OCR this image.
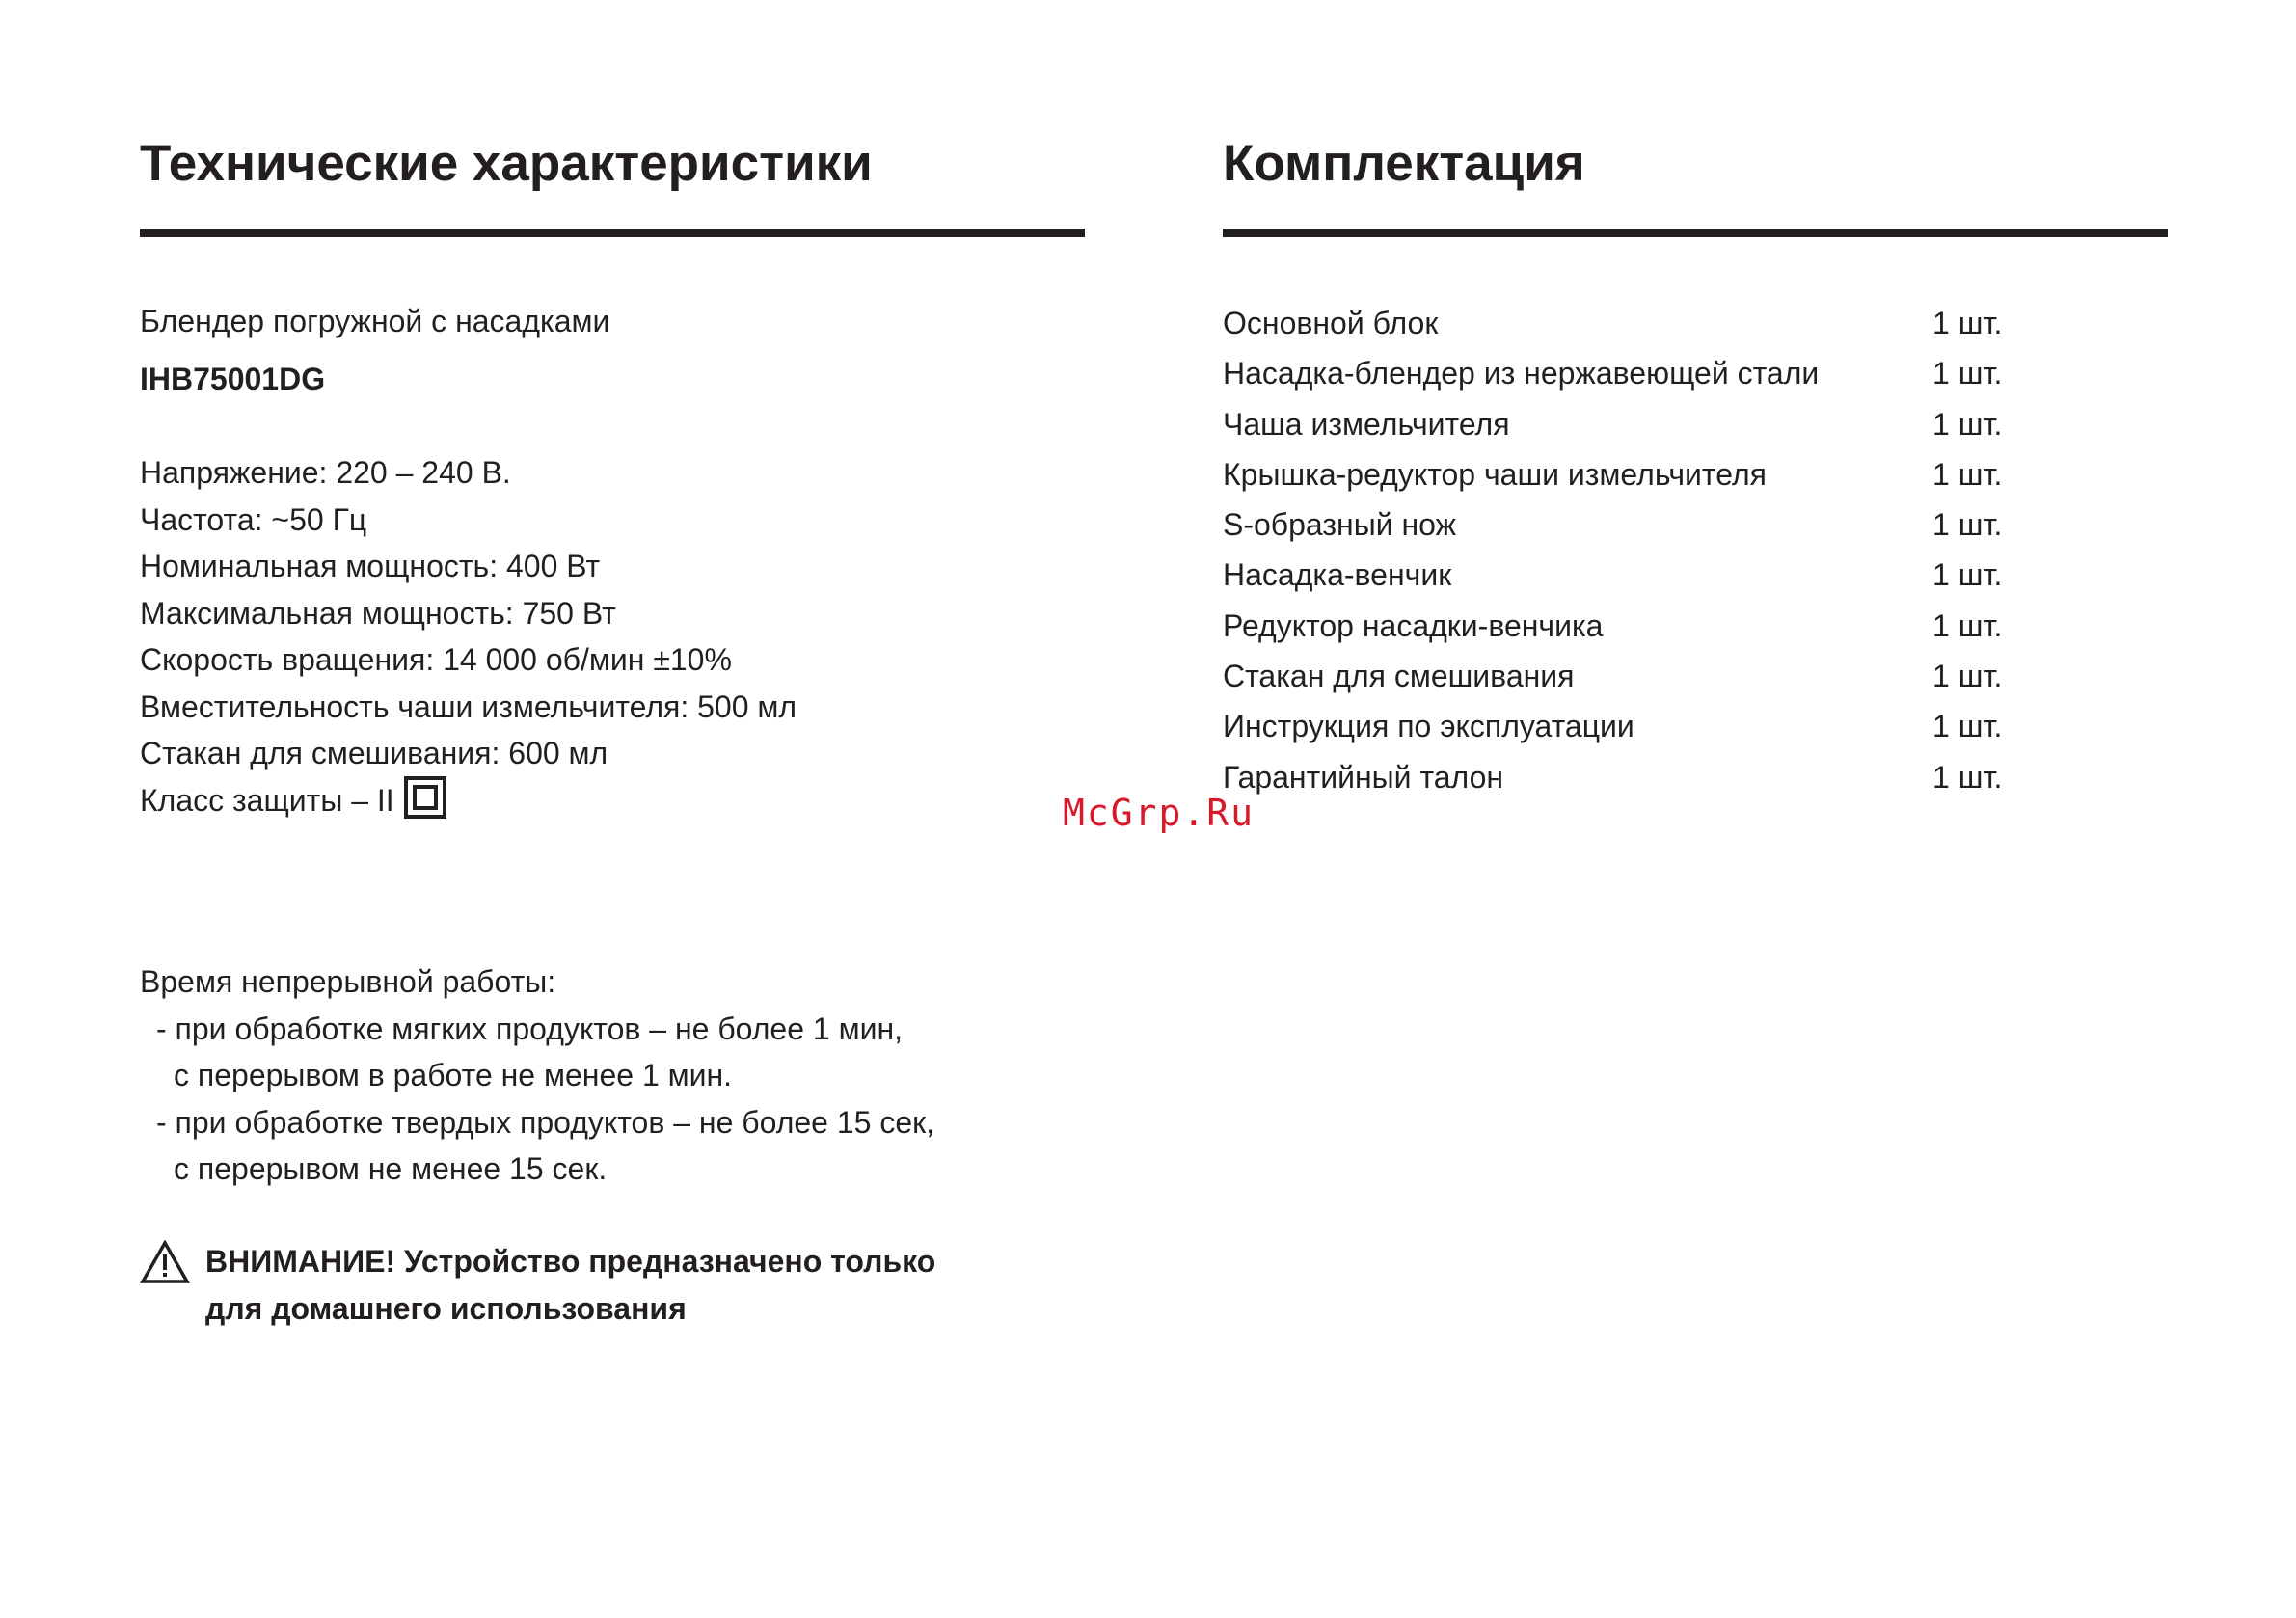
Технические характеристики
Блендер погружной с насадками
IHB75001DG
Напряжение: 220 – 240 В.
Частота: ~50 Гц
Номинальная мощность: 400 Вт
Максимальная мощность: 750 Вт
Скорость вращения: 14 000 об/мин ±10%
Вместительность чаши измельчителя: 500 мл
Стакан для смешивания: 600 мл
Класс защиты – II
Время непрерывной работы:
- при обработке мягких продуктов – не более 1 мин,
с перерывом в работе не менее 1 мин.
- при обработке твердых продуктов – не более 15 сек,
с перерывом не менее 15 сек.
ВНИМАНИЕ! Устройство предназначено только
для домашнего использования
Комплектация
Основной блок	1 шт.
Насадка-блендер из нержавеющей стали	1 шт.
Чаша измельчителя	1 шт.
Крышка-редуктор чаши измельчителя	1 шт.
S-образный нож	1 шт.
Насадка-венчик	1 шт.
Редуктор насадки-венчика	1 шт.
Стакан для смешивания	1 шт.
Инструкция по эксплуатации	1 шт.
Гарантийный талон	1 шт.
McGrp.Ru
